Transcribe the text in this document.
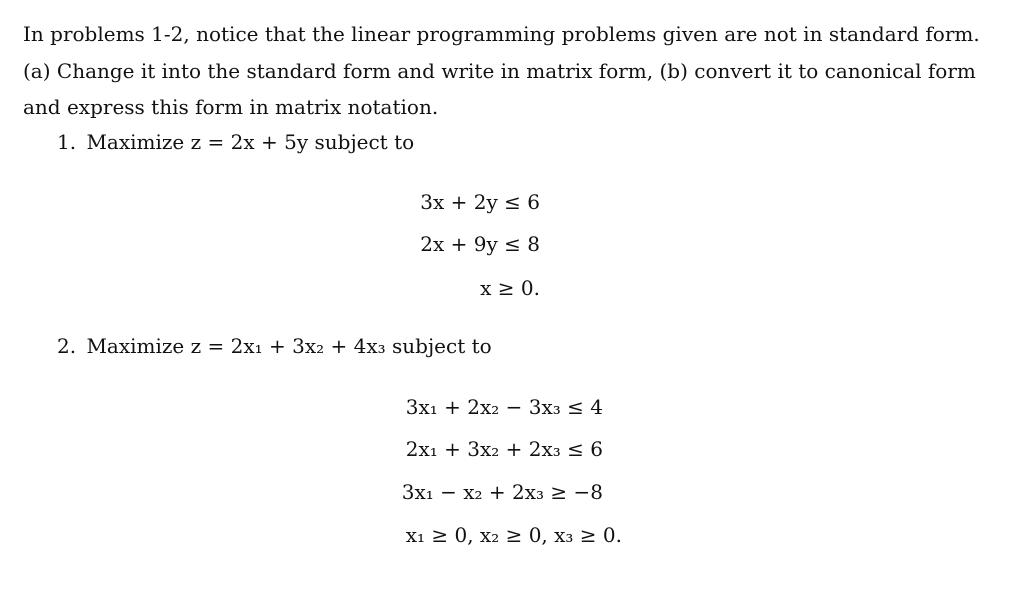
In problems 1-2, notice that the linear programming problems given are not in standard form.
(a) Change it into the standard form and write in matrix form, (b) convert it to canonical form
and express this form in matrix notation.
1. Maximize z = 2x + 5y subject to
3x + 2y ≤ 6
2x + 9y ≤ 8
x ≥ 0.
2. Maximize z = 2x₁ + 3x₂ + 4x₃ subject to
3x₁ + 2x₂ − 3x₃ ≤ 4
2x₁ + 3x₂ + 2x₃ ≤ 6
3x₁ − x₂ + 2x₃ ≥ −8
x₁ ≥ 0, x₂ ≥ 0, x₃ ≥ 0.
